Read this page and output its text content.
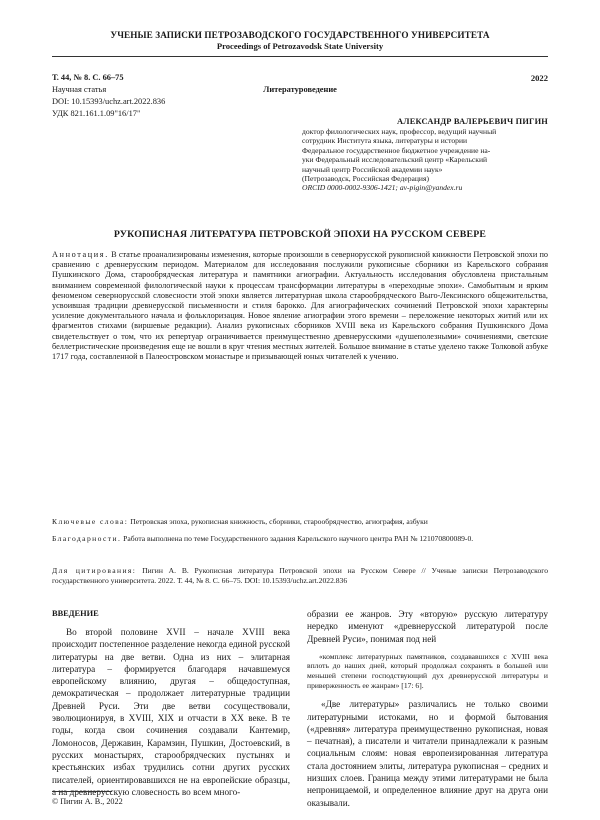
УЧЕНЫЕ ЗАПИСКИ ПЕТРОЗАВОДСКОГО ГОСУДАРСТВЕННОГО УНИВЕРСИТЕТА
Proceedings of Petrozavodsk State University
Т. 44, № 8. С. 66–75
Научная статья
DOI: 10.15393/uchz.art.2022.836
УДК 821.161.1.09"16/17"
Литературоведение
2022
АЛЕКСАНДР ВАЛЕРЬЕВИЧ ПИГИН
доктор филологических наук, профессор, ведущий научный
сотрудник Института языка, литературы и истории
Федеральное государственное бюджетное учреждение на-
уки Федеральный исследовательский центр «Карельский
научный центр Российской академии наук»
(Петрозаводск, Российская Федерация)
ORCID 0000-0002-9306-1421; av-pigin@yandex.ru
РУКОПИСНАЯ ЛИТЕРАТУРА ПЕТРОВСКОЙ ЭПОХИ НА РУССКОМ СЕВЕРЕ

Аннотация. В статье проанализированы изменения, которые произошли в севернорусской рукописной книжности Петровской эпохи по сравнению с древнерусским периодом. Материалом для исследования послужили рукописные сборники из Карельского собрания Пушкинского Дома, старообрядческая литература и памятники агиографии. Актуальность исследования обусловлена пристальным вниманием современной филологической науки к процессам трансформации литературы в «переходные эпохи». Самобытным и ярким феноменом севернорусской словесности этой эпохи является литературная школа старообрядческого Выго-Лексинского общежительства, усвоившая традиции древнерусской письменности и стиля барокко. Для агиографических сочинений Петровской эпохи характерны усиление документального начала и фольклоризация. Новое явление агиографии этого времени – переложение некоторых житий или их фрагментов стихами (виршевые редакции). Анализ рукописных сборников XVIII века из Карельского собрания Пушкинского Дома свидетельствует о том, что их репертуар ограничивается преимущественно древнерусскими «душеполезными» сочинениями, светские беллетристические произведения еще не вошли в круг чтения местных жителей. Большое внимание в статье уделено также Толковой азбуке 1717 года, составленной в Палеостровском монастыре и призывающей юных читателей к учению.

Ключевые слова: Петровская эпоха, рукописная книжность, сборники, старообрядчество, агиография, азбуки
Благодарности. Работа выполнена по теме Государственного задания Карельского научного центра РАН № 121070800089-0.
Для цитирования: Пигин А. В. Рукописная литература Петровской эпохи на Русском Севере // Ученые записки Петрозаводского государственного университета. 2022. Т. 44, № 8. С. 66–75. DOI: 10.15393/uchz.art.2022.836
ВВЕДЕНИЕ

Во второй половине XVII – начале XVIII века происходит постепенное разделение некогда единой русской литературы на две ветви. Одна из них – элитарная литература – формируется благодаря начавшемуся европейскому влиянию, другая – общедоступная, демократическая – продолжает литературные традиции Древней Руси. Эти две ветви сосуществовали, эволюционируя, в XVIII, XIX и отчасти в XX веке. В те годы, когда свои сочинения создавали Кантемир, Ломоносов, Державин, Карамзин, Пушкин, Достоевский, в русских монастырях, старообрядческих пустынях и крестьянских избах трудились сотни других русских писателей, ориентировавшихся не на европейские образцы, а на древнерусскую словесность во всем много-

образии ее жанров. Эту «вторую» русскую литературу нередко именуют «древнерусской литературой после Древней Руси», понимая под ней

«комплекс литературных памятников, создававшихся с XVIII века вплоть до наших дней, который продолжал сохранять в большей или меньшей степени господствующий дух древнерусской литературы и приверженность ее жанрам» [17: 6].

«Две литературы» различались не только своими литературными истоками, но и формой бытования («древняя» литература преимущественно рукописная, новая – печатная), а писатели и читатели принадлежали к разным социальным слоям: новая европеизированная литература стала достоянием элиты, литература рукописная – средних и низших слоев. Граница между этими литературами не была непроницаемой, и определенное влияние друг на друга они оказывали.

© Пигин А. В., 2022
